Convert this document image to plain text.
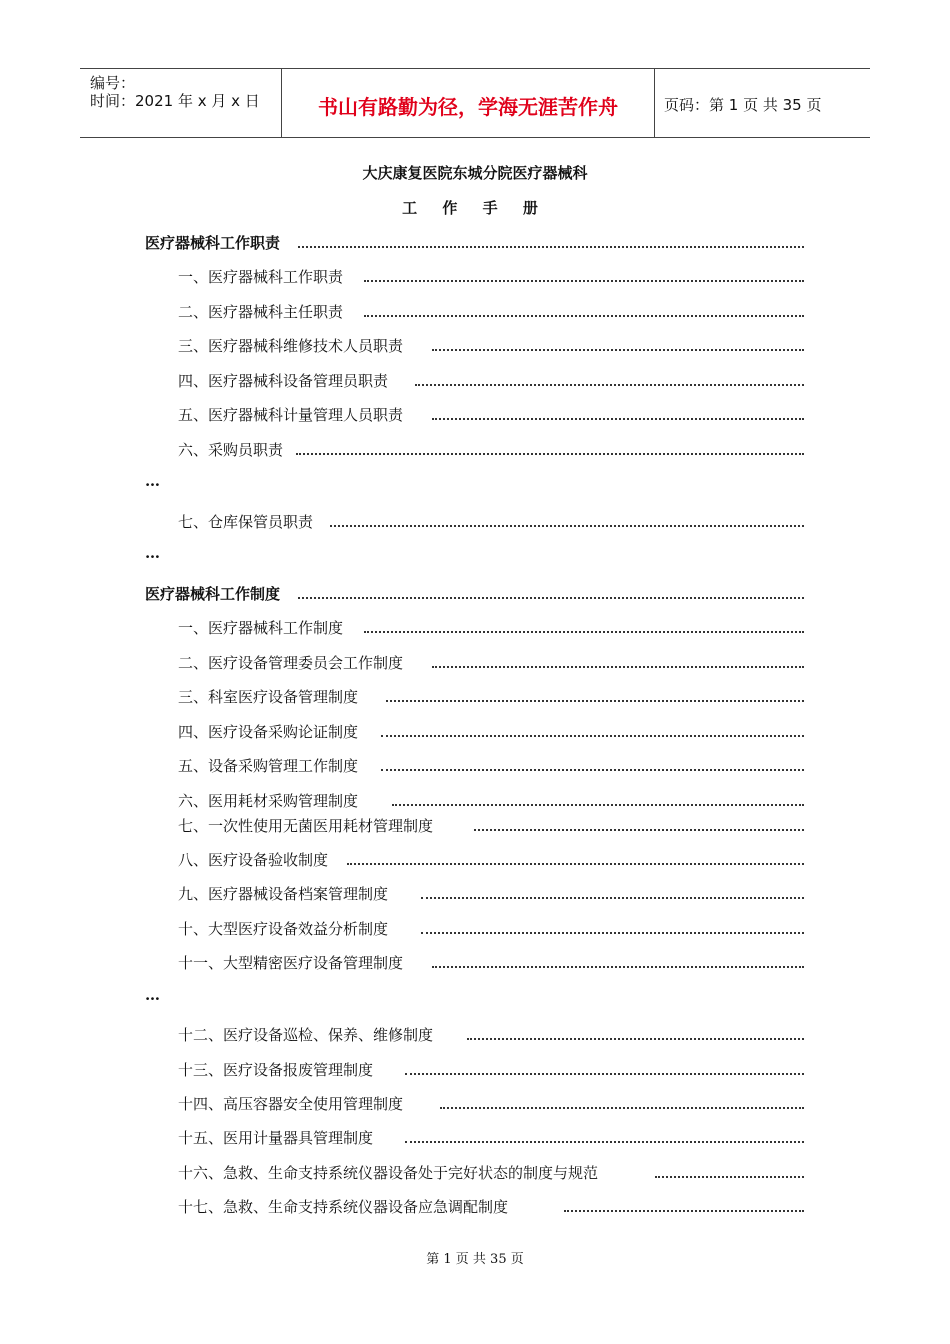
编号：
时间：2021 年 x 月 x 日	书山有路勤为径，学海无涯苦作舟	页码：第 1 页 共 35 页
大庆康复医院东城分院医疗器械科
工 作 手 册
医疗器械科工作职责
一、医疗器械科工作职责
二、医疗器械科主任职责
三、医疗器械科维修技术人员职责
四、医疗器械科设备管理员职责
五、医疗器械科计量管理人员职责
六、采购员职责
…
七、仓库保管员职责
…
医疗器械科工作制度
一、医疗器械科工作制度
二、医疗设备管理委员会工作制度
三、科室医疗设备管理制度
四、医疗设备采购论证制度
五、设备采购管理工作制度
六、医用耗材采购管理制度
七、一次性使用无菌医用耗材管理制度
八、医疗设备验收制度
九、医疗器械设备档案管理制度
十、大型医疗设备效益分析制度
十一、大型精密医疗设备管理制度
…
十二、医疗设备巡检、保养、维修制度
十三、医疗设备报废管理制度
十四、高压容器安全使用管理制度
十五、医用计量器具管理制度
十六、急救、生命支持系统仪器设备处于完好状态的制度与规范
十七、急救、生命支持系统仪器设备应急调配制度
第 1 页 共 35 页
